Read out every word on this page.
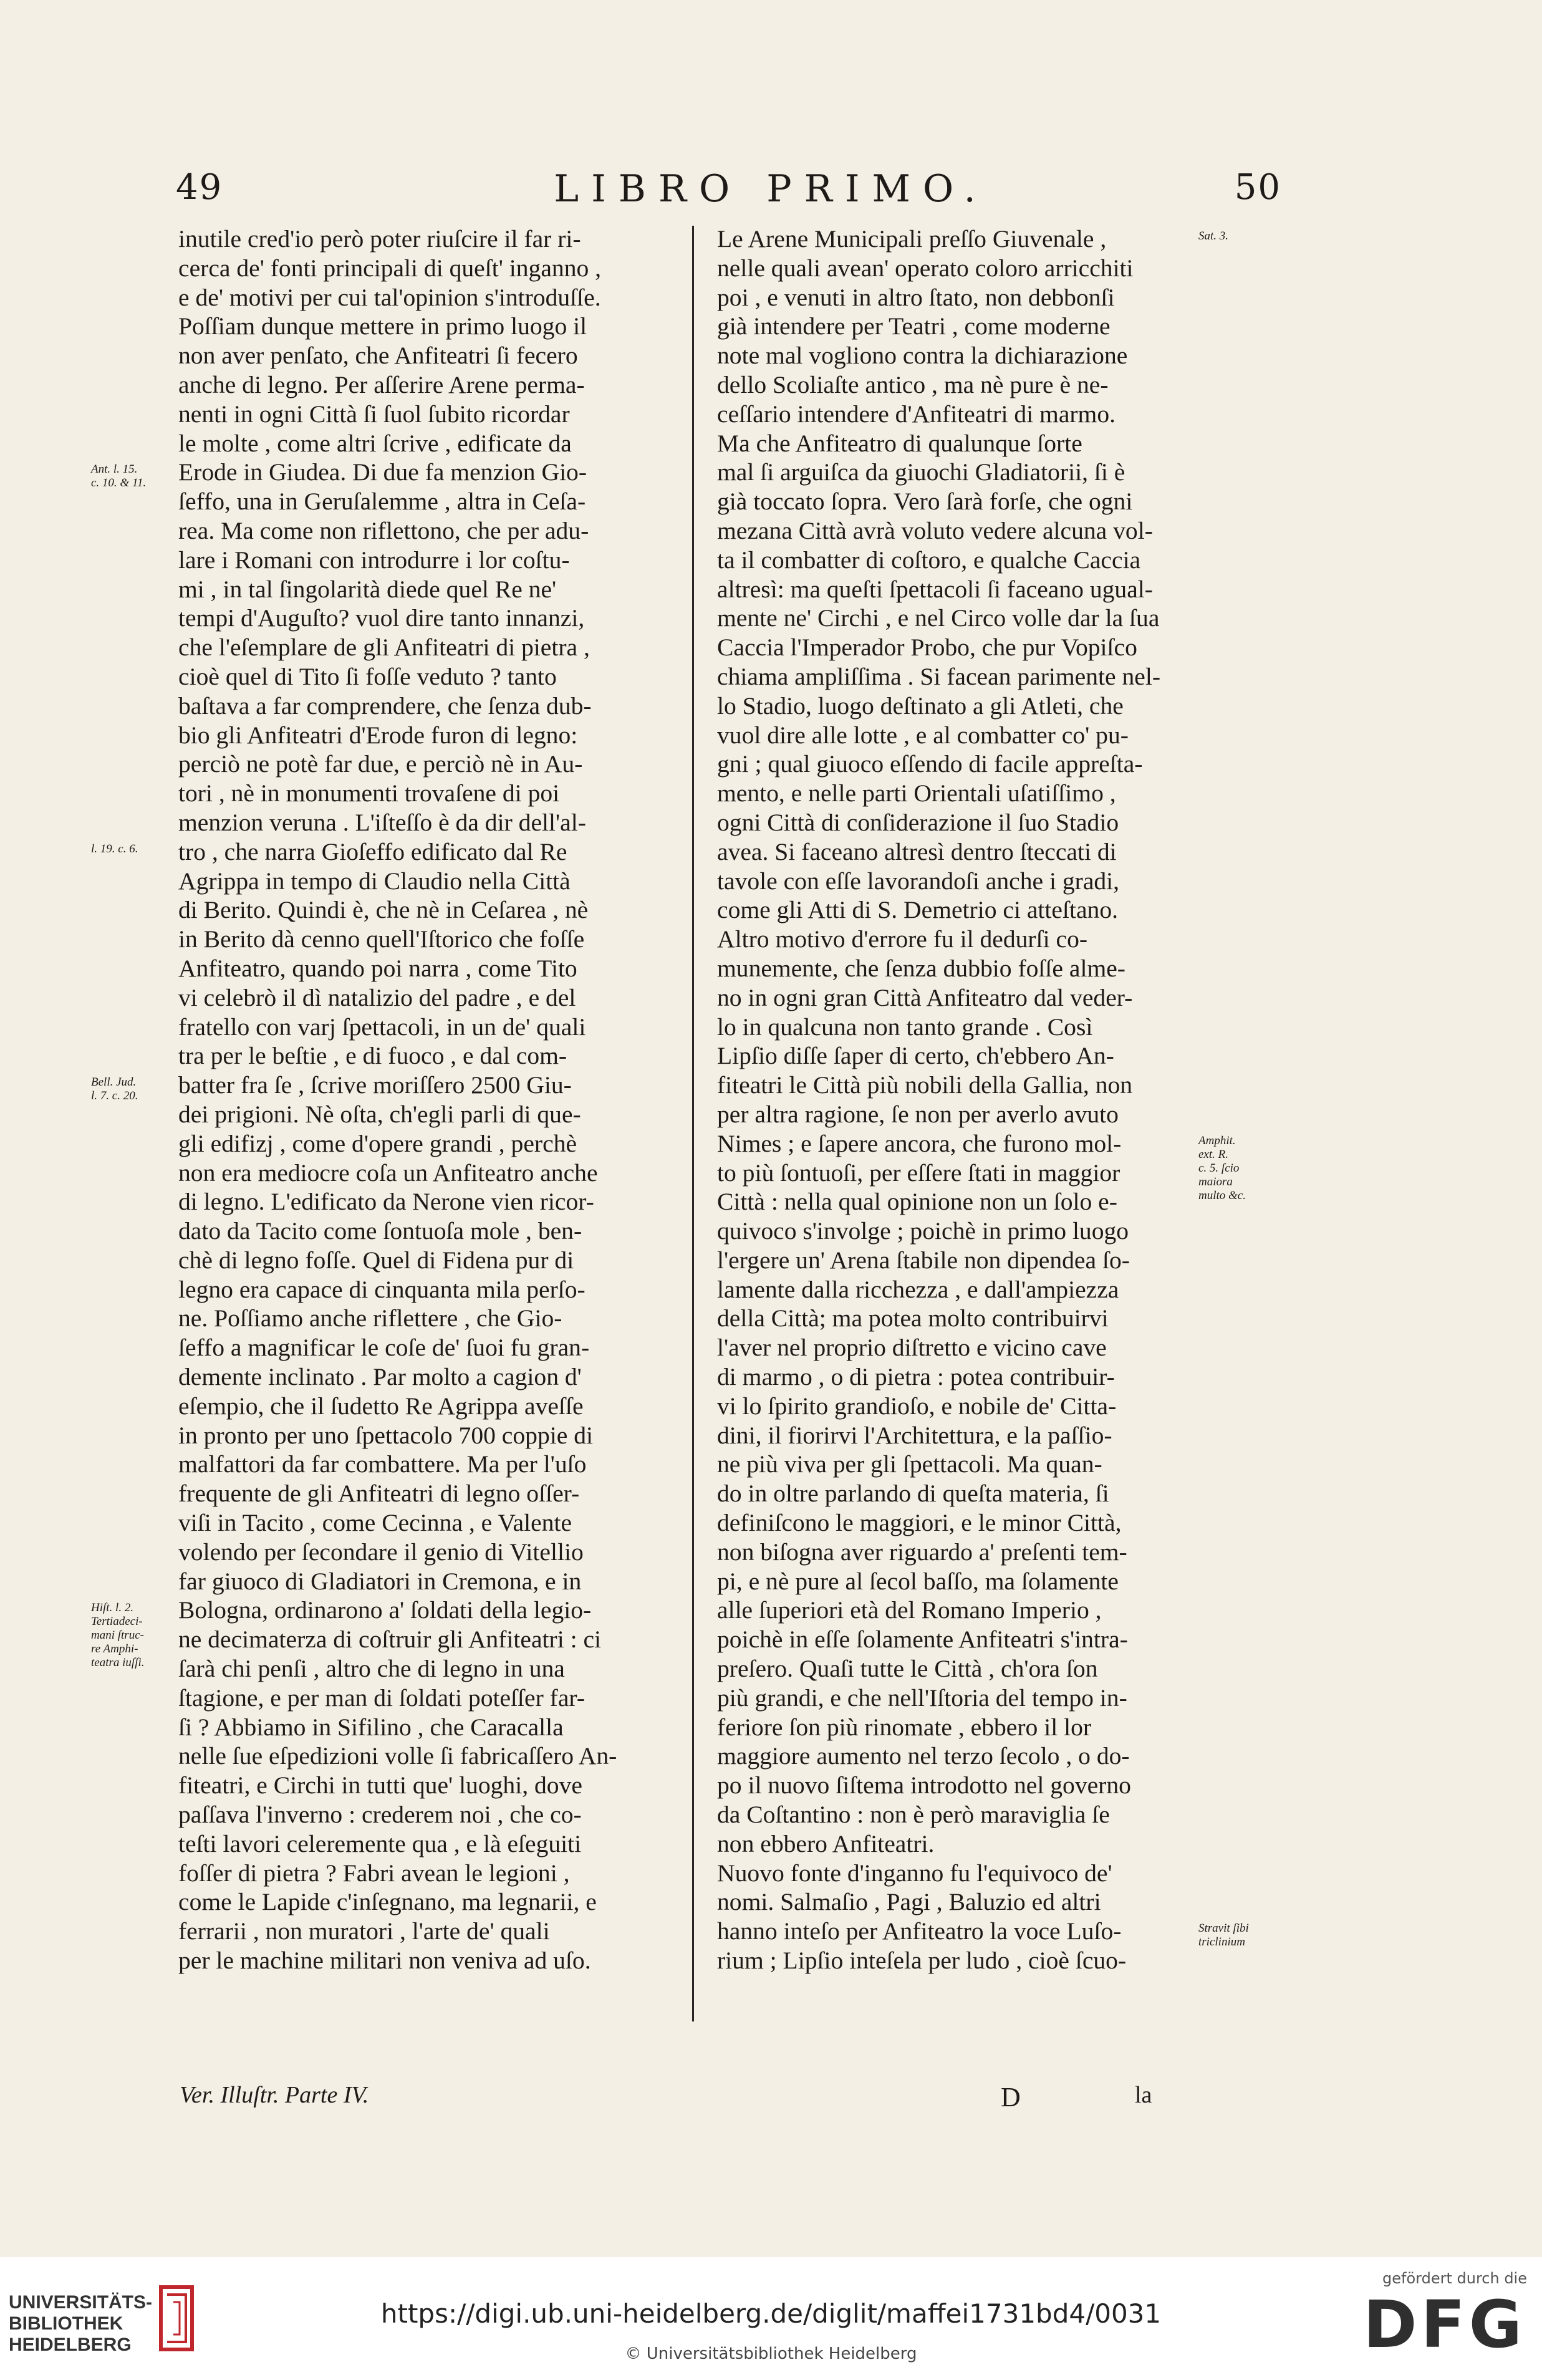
49	LIBRO PRIMO.	50
inutile cred'io però poter riuſcire il far ri-
cerca de' fonti principali di queſt' inganno ,
e de' motivi per cui tal'opinion s'introduſſe.
Poſſiam dunque mettere in primo luogo il
non aver penſato, che Anfiteatri ſi fecero
anche di legno. Per aſſerire Arene perma-
nenti in ogni Città ſi ſuol ſubito ricordar
le molte , come altri ſcrive , edificate da
Erode in Giudea. Di due fa menzion Gio-
ſeffo, una in Geruſalemme , altra in Ceſa-
rea. Ma come non riflettono, che per adu-
lare i Romani con introdurre i lor coſtu-
mi , in tal ſingolarità diede quel Re ne'
tempi d'Auguſto? vuol dire tanto innanzi,
che l'eſemplare de gli Anfiteatri di pietra ,
cioè quel di Tito ſi foſſe veduto ? tanto
baſtava a far comprendere, che ſenza dub-
bio gli Anfiteatri d'Erode furon di legno:
perciò ne potè far due, e perciò nè in Au-
tori , nè in monumenti trovaſene di poi
menzion veruna . L'iſteſſo è da dir dell'al-
tro , che narra Gioſeffo edificato dal Re
Agrippa in tempo di Claudio nella Città
di Berito. Quindi è, che nè in Ceſarea , nè
in Berito dà cenno quell'Iſtorico che foſſe
Anfiteatro, quando poi narra , come Tito
vi celebrò il dì natalizio del padre , e del
fratello con varj ſpettacoli, in un de' quali
tra per le beſtie , e di fuoco , e dal com-
batter fra ſe , ſcrive moriſſero 2500 Giu-
dei prigioni. Nè oſta, ch'egli parli di que-
gli edifizj , come d'opere grandi , perchè
non era mediocre coſa un Anfiteatro anche
di legno. L'edificato da Nerone vien ricor-
dato da Tacito come ſontuoſa mole , ben-
chè di legno foſſe. Quel di Fidena pur di
legno era capace di cinquanta mila perſo-
ne. Poſſiamo anche riflettere , che Gio-
ſeffo a magnificar le coſe de' ſuoi fu gran-
demente inclinato . Par molto a cagion d'
eſempio, che il ſudetto Re Agrippa aveſſe
in pronto per uno ſpettacolo 700 coppie di
malfattori da far combattere. Ma per l'uſo
frequente de gli Anfiteatri di legno oſſer-
viſi in Tacito , come Cecinna , e Valente
volendo per ſecondare il genio di Vitellio
far giuoco di Gladiatori in Cremona, e in
Bologna, ordinarono a' ſoldati della legio-
ne decimaterza di coſtruir gli Anfiteatri : ci
ſarà chi penſi , altro che di legno in una
ſtagione, e per man di ſoldati poteſſer far-
ſi ? Abbiamo in Sifilino , che Caracalla
nelle ſue eſpedizioni volle ſi fabricaſſero An-
fiteatri, e Circhi in tutti que' luoghi, dove
paſſava l'inverno : crederem noi , che co-
teſti lavori celeremente qua , e là eſeguiti
foſſer di pietra ? Fabri avean le legioni ,
come le Lapide c'inſegnano, ma legnarii, e
ferrarii , non muratori , l'arte de' quali
per le machine militari non veniva ad uſo.
Le Arene Municipali preſſo Giuvenale ,
nelle quali avean' operato coloro arricchiti
poi , e venuti in altro ſtato, non debbonſi
già intendere per Teatri , come moderne
note mal vogliono contra la dichiarazione
dello Scoliaſte antico , ma nè pure è ne-
ceſſario intendere d'Anfiteatri di marmo.
Ma che Anfiteatro di qualunque ſorte
mal ſi arguiſca da giuochi Gladiatorii, ſi è
già toccato ſopra. Vero ſarà forſe, che ogni
mezana Città avrà voluto vedere alcuna vol-
ta il combatter di coſtoro, e qualche Caccia
altresì: ma queſti ſpettacoli ſi faceano ugual-
mente ne' Circhi , e nel Circo volle dar la ſua
Caccia l'Imperador Probo, che pur Vopiſco
chiama ampliſſima . Si facean parimente nel-
lo Stadio, luogo deſtinato a gli Atleti, che
vuol dire alle lotte , e al combatter co' pu-
gni ; qual giuoco eſſendo di facile appreſta-
mento, e nelle parti Orientali uſatiſſimo ,
ogni Città di conſiderazione il ſuo Stadio
avea. Si faceano altresì dentro ſteccati di
tavole con eſſe lavorandoſi anche i gradi,
come gli Atti di S. Demetrio ci atteſtano.
Altro motivo d'errore fu il dedurſi co-
munemente, che ſenza dubbio foſſe almе-
no in ogni gran Città Anfiteatro dal veder-
lo in qualcuna non tanto grande . Così
Lipſio diſſe ſaper di certo, ch'ebbero An-
fiteatri le Città più nobili della Gallia, non
per altra ragione, ſe non per averlo avuto
Nimes ; e ſapere ancora, che furono mol-
to più ſontuoſi, per eſſere ſtati in maggior
Città : nella qual opinione non un ſolo e-
quivoco s'involge ; poichè in primo luogo
l'ergere un' Arena ſtabile non dipendea ſo-
lamente dalla ricchezza , e dall'ampiezza
della Città; ma potea molto contribuirvi
l'aver nel proprio diſtretto e vicino cave
di marmo , o di pietra : potea contribuir-
vi lo ſpirito grandioſo, e nobile de' Citta-
dini, il fiorirvi l'Architettura, e la paſſio-
ne più viva per gli ſpettacoli. Ma quan-
do in oltre parlando di queſta materia, ſi
definiſcono le maggiori, e le minor Città,
non biſogna aver riguardo a' preſenti tem-
pi, e nè pure al ſecol baſſo, ma ſolamente
alle ſuperiori età del Romano Imperio ,
poichè in eſſe ſolamente Anfiteatri s'intra-
preſero. Quaſi tutte le Città , ch'ora ſon
più grandi, e che nell'Iſtoria del tempo in-
feriore ſon più rinomate , ebbero il lor
maggiore aumento nel terzo ſecolo , o do-
po il nuovo ſiſtema introdotto nel governo
da Coſtantino : non è però maraviglia ſe
non ebbero Anfiteatri.
Nuovo fonte d'inganno fu l'equivoco de'
nomi. Salmaſio , Pagi , Baluzio ed altri
hanno inteſo per Anfiteatro la voce Luſo-
rium ; Lipſio inteſela per ludo , cioè ſcuo-
Ant. l. 15.
c. 10. & 11.
l. 19. c. 6.
Bell. Jud.
l. 7. c. 20.
Hiſt. l. 2.
Tertiadeci-
mani ſtruc-
re Amphi-
teatra iuſſi.
Sat. 3.
Amphit.
ext. R.
c. 5. ſcio
maiora
multo &c.
Stravit ſibi
triclinium
Ver. Illuſtr. Parte IV.	D	la
UNIVERSITÄTS-
BIBLIOTHEK
HEIDELBERG
https://digi.ub.uni-heidelberg.de/diglit/maffei1731bd4/0031
© Universitätsbibliothek Heidelberg
gefördert durch die
DFG
